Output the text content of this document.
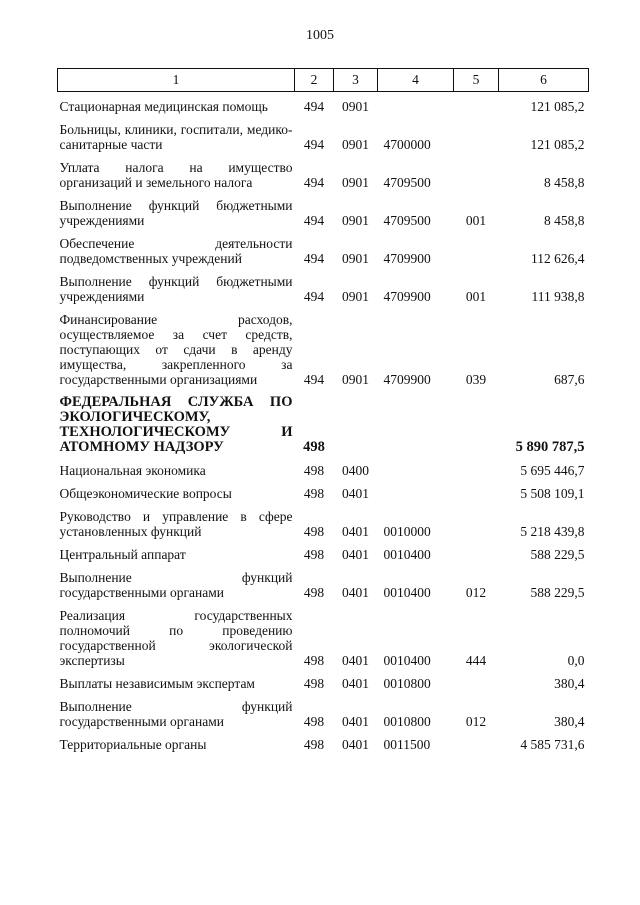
1005
1	2	3	4	5	6
Стационарная медицинская помощь	494	0901			121 085,2
Больницы, клиники, госпитали, медико-санитарные части	494	0901	4700000		121 085,2
Уплата налога на имущество организаций и земельного налога	494	0901	4709500		8 458,8
Выполнение функций бюджетными учреждениями	494	0901	4709500	001	8 458,8
Обеспечение деятельности подведомственных учреждений	494	0901	4709900		112 626,4
Выполнение функций бюджетными учреждениями	494	0901	4709900	001	111 938,8
Финансирование расходов, осуществляемое за счет средств, поступающих от сдачи в аренду имущества, закрепленного за государственными организациями	494	0901	4709900	039	687,6
ФЕДЕРАЛЬНАЯ СЛУЖБА ПО ЭКОЛОГИЧЕСКОМУ, ТЕХНОЛОГИЧЕСКОМУ И АТОМНОМУ НАДЗОРУ	498				5 890 787,5
Национальная экономика	498	0400			5 695 446,7
Общеэкономические вопросы	498	0401			5 508 109,1
Руководство и управление в сфере установленных функций	498	0401	0010000		5 218 439,8
Центральный аппарат	498	0401	0010400		588 229,5
Выполнение функций государственными органами	498	0401	0010400	012	588 229,5
Реализация государственных полномочий по проведению государственной экологической экспертизы	498	0401	0010400	444	0,0
Выплаты независимым экспертам	498	0401	0010800		380,4
Выполнение функций государственными органами	498	0401	0010800	012	380,4
Территориальные органы	498	0401	0011500		4 585 731,6
